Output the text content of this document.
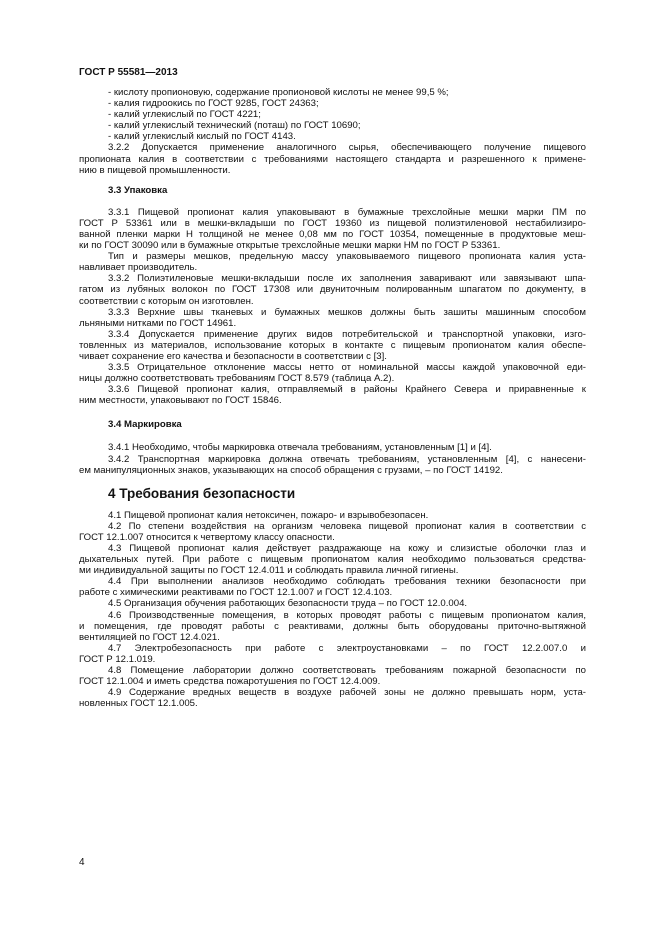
ГОСТ Р 55581—2013
- кислоту пропионовую, содержание пропионовой кислоты не менее 99,5 %;
- калия гидроокись по ГОСТ 9285, ГОСТ 24363;
- калий углекислый по ГОСТ 4221;
- калий углекислый технический (поташ) по ГОСТ 10690;
- калий углекислый кислый по ГОСТ 4143.
3.2.2 Допускается применение аналогичного сырья, обеспечивающего получение пищевого
пропионата калия в соответствии с требованиями настоящего стандарта и разрешенного к примене-
нию в пищевой промышленности.
3.3 Упаковка
3.3.1 Пищевой пропионат калия упаковывают в бумажные трехслойные мешки марки ПМ по
ГОСТ Р 53361 или в мешки-вкладыши по ГОСТ 19360 из пищевой полиэтиленовой нестабилизиро-
ванной пленки марки Н толщиной не менее 0,08 мм по ГОСТ 10354, помещенные в продуктовые меш-
ки по ГОСТ 30090 или в бумажные открытые трехслойные мешки марки НМ по ГОСТ Р 53361.
Тип и размеры мешков, предельную массу упаковываемого пищевого пропионата калия уста-
навливает производитель.
3.3.2 Полиэтиленовые мешки-вкладыши после их заполнения заваривают или завязывают шпа-
гатом из лубяных волокон по ГОСТ 17308 или двуниточным полированным шпагатом по документу, в
соответствии с которым он изготовлен.
3.3.3 Верхние швы тканевых и бумажных мешков должны быть зашиты машинным способом
льняными нитками по ГОСТ 14961.
3.3.4 Допускается применение других видов потребительской и транспортной упаковки, изго-
товленных из материалов, использование которых в контакте с пищевым пропионатом калия обеспе-
чивает сохранение его качества и безопасности в соответствии с [3].
3.3.5 Отрицательное отклонение массы нетто от номинальной массы каждой упаковочной еди-
ницы должно соответствовать требованиям ГОСТ 8.579 (таблица А.2).
3.3.6 Пищевой пропионат калия, отправляемый в районы Крайнего Севера и приравненные к
ним местности, упаковывают по ГОСТ 15846.
3.4 Маркировка
3.4.1 Необходимо, чтобы маркировка отвечала требованиям, установленным [1] и [4].
3.4.2 Транспортная маркировка должна отвечать требованиям, установленным [4], с нанесени-
ем манипуляционных знаков, указывающих на способ обращения с грузами, – по ГОСТ 14192.
4 Требования безопасности
4.1 Пищевой пропионат калия нетоксичен, пожаро- и взрывобезопасен.
4.2 По степени воздействия на организм человека пищевой пропионат калия в соответствии с
ГОСТ 12.1.007 относится к четвертому классу опасности.
4.3 Пищевой пропионат калия действует раздражающе на кожу и слизистые оболочки глаз и
дыхательных путей. При работе с пищевым пропионатом калия необходимо пользоваться средства-
ми индивидуальной защиты по ГОСТ 12.4.011 и соблюдать правила личной гигиены.
4.4 При выполнении анализов необходимо соблюдать требования техники безопасности при
работе с химическими реактивами по ГОСТ 12.1.007 и ГОСТ 12.4.103.
4.5 Организация обучения работающих безопасности труда – по ГОСТ 12.0.004.
4.6 Производственные помещения, в которых проводят работы с пищевым пропионатом калия,
и помещения, где проводят работы с реактивами, должны быть оборудованы приточно-вытяжной
вентиляцией по ГОСТ 12.4.021.
4.7 Электробезопасность при работе с электроустановками – по ГОСТ 12.2.007.0 и
ГОСТ Р 12.1.019.
4.8 Помещение лаборатории должно соответствовать требованиям пожарной безопасности по
ГОСТ 12.1.004 и иметь средства пожаротушения по ГОСТ 12.4.009.
4.9 Содержание вредных веществ в воздухе рабочей зоны не должно превышать норм, уста-
новленных ГОСТ 12.1.005.
4
